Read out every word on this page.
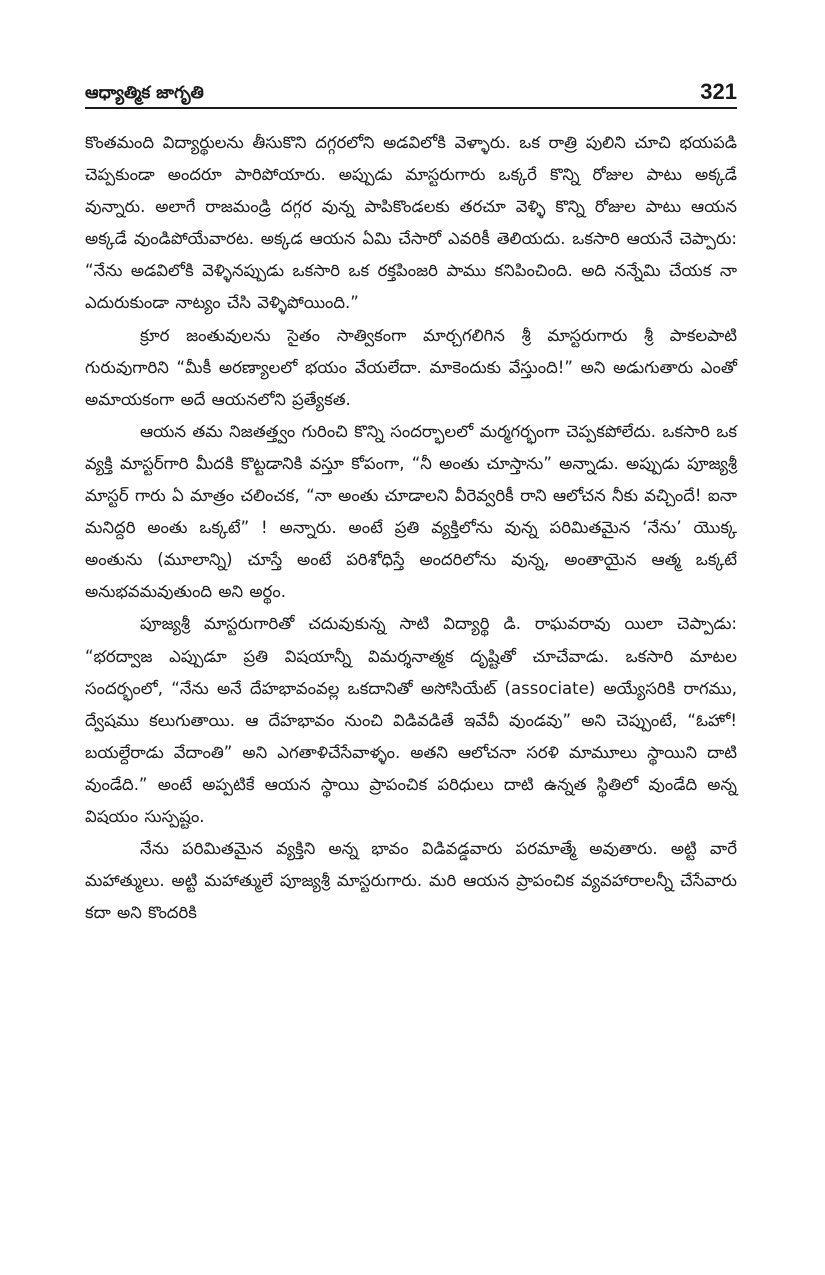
ఆధ్యాత్మిక జాగృతి	321

కొంతమంది విద్యార్థులను తీసుకొని దగ్గరలోని అడవిలోకి వెళ్ళారు. ఒక రాత్రి పులిని చూచి భయపడి చెప్పకుండా అందరూ పారిపోయారు. అప్పుడు మాస్టరుగారు ఒక్కరే కొన్ని రోజుల పాటు అక్కడే వున్నారు. అలాగే రాజమండ్రి దగ్గర వున్న పాపికొండలకు తరచూ వెళ్ళి కొన్ని రోజుల పాటు ఆయన అక్కడే వుండిపోయేవారట. అక్కడ ఆయన ఏమి చేసారో ఎవరికీ తెలియదు. ఒకసారి ఆయనే చెప్పారు: “నేను అడవిలోకి వెళ్ళినప్పుడు ఒకసారి ఒక రక్తపింజరి పాము కనిపించింది. అది నన్నేమి చేయక నా ఎదురుకుండా నాట్యం చేసి వెళ్ళిపోయింది.”

క్రూర జంతువులను సైతం సాత్వికంగా మార్చగలిగిన శ్రీ మాస్టరుగారు శ్రీ పాకలపాటి గురువుగారిని “మీకీ అరణ్యాలలో భయం వేయలేదా. మాకెందుకు వేస్తుంది!” అని అడుగుతారు ఎంతో అమాయకంగా అదే ఆయనలోని ప్రత్యేకత.

ఆయన తమ నిజతత్త్వం గురించి కొన్ని సందర్భాలలో మర్మగర్భంగా చెప్పకపోలేదు. ఒకసారి ఒక వ్యక్తి మాస్టర్‌గారి మీదకి కొట్టడానికి వస్తూ కోపంగా, “నీ అంతు చూస్తాను” అన్నాడు. అప్పుడు పూజ్యశ్రీ మాస్టర్ గారు ఏ మాత్రం చలించక, “నా అంతు చూడాలని వీరెవ్వరికీ రాని ఆలోచన నీకు వచ్చిందే! ఐనా మనిద్దరి అంతు ఒక్కటే” ! అన్నారు. అంటే ప్రతి వ్యక్తిలోను వున్న పరిమితమైన ‘నేను’ యొక్క అంతును (మూలాన్ని) చూస్తే అంటే పరిశోధిస్తే అందరిలోను వున్న, అంతాయైన ఆత్మ ఒక్కటే అనుభవమవుతుంది అని అర్థం.

పూజ్యశ్రీ మాస్టరుగారితో చదువుకున్న సాటి విద్యార్థి డి. రాఘవరావు యిలా చెప్పాడు: “భరద్వాజ ఎప్పుడూ ప్రతి విషయాన్నీ విమర్శనాత్మక దృష్టితో చూచేవాడు. ఒకసారి మాటల సందర్భంలో, “నేను అనే దేహభావంవల్ల ఒకదానితో అసోసియేట్ (associate) అయ్యేసరికి రాగము, ద్వేషము కలుగుతాయి. ఆ దేహభావం నుంచి విడివడితే ఇవేవీ వుండవు” అని చెప్పుంటే, “ఓహో! బయల్దేరాడు వేదాంతి” అని ఎగతాళిచేసేవాళ్ళం. అతని ఆలోచనా సరళి మామూలు స్థాయిని దాటి వుండేది.” అంటే అప్పటికే ఆయన స్థాయి ప్రాపంచిక పరిధులు దాటి ఉన్నత స్థితిలో వుండేది అన్న విషయం సుస్పష్టం.

నేను పరిమితమైన వ్యక్తిని అన్న భావం విడివడ్డవారు పరమాత్మే అవుతారు. అట్టి వారే మహాత్ములు. అట్టి మహాత్ములే పూజ్యశ్రీ మాస్టరుగారు. మరి ఆయన ప్రాపంచిక వ్యవహారాలన్నీ చేసేవారు కదా అని కొందరికి
